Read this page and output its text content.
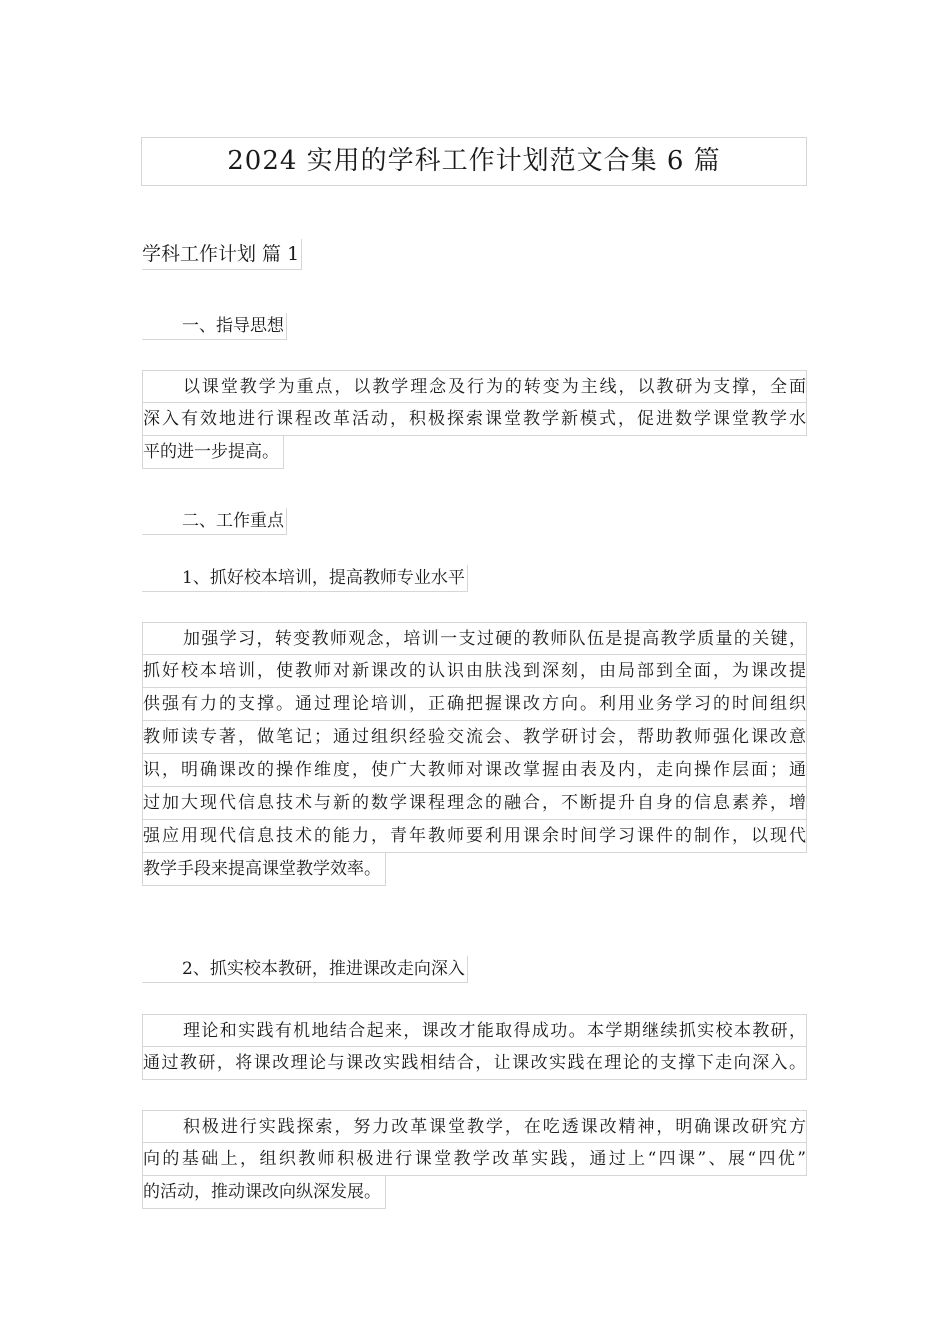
2024 实用的学科工作计划范文合集 6 篇
学科工作计划 篇 1
一、指导思想
以课堂教学为重点，以教学理念及行为的转变为主线，以教研为支撑，全面
深入有效地进行课程改革活动，积极探索课堂教学新模式，促进数学课堂教学水
平的进一步提高。
二、工作重点
1、抓好校本培训，提高教师专业水平
加强学习，转变教师观念，培训一支过硬的教师队伍是提高教学质量的关键，
抓好校本培训，使教师对新课改的认识由肤浅到深刻，由局部到全面，为课改提
供强有力的支撑。通过理论培训，正确把握课改方向。利用业务学习的时间组织
教师读专著，做笔记；通过组织经验交流会、教学研讨会，帮助教师强化课改意
识，明确课改的操作维度，使广大教师对课改掌握由表及内，走向操作层面；通
过加大现代信息技术与新的数学课程理念的融合，不断提升自身的信息素养，增
强应用现代信息技术的能力，青年教师要利用课余时间学习课件的制作，以现代
教学手段来提高课堂教学效率。
2、抓实校本教研，推进课改走向深入
理论和实践有机地结合起来，课改才能取得成功。本学期继续抓实校本教研，
通过教研，将课改理论与课改实践相结合，让课改实践在理论的支撑下走向深入。
积极进行实践探索，努力改革课堂教学，在吃透课改精神，明确课改研究方
向的基础上，组织教师积极进行课堂教学改革实践，通过上“四课”、展“四优”
的活动，推动课改向纵深发展。
